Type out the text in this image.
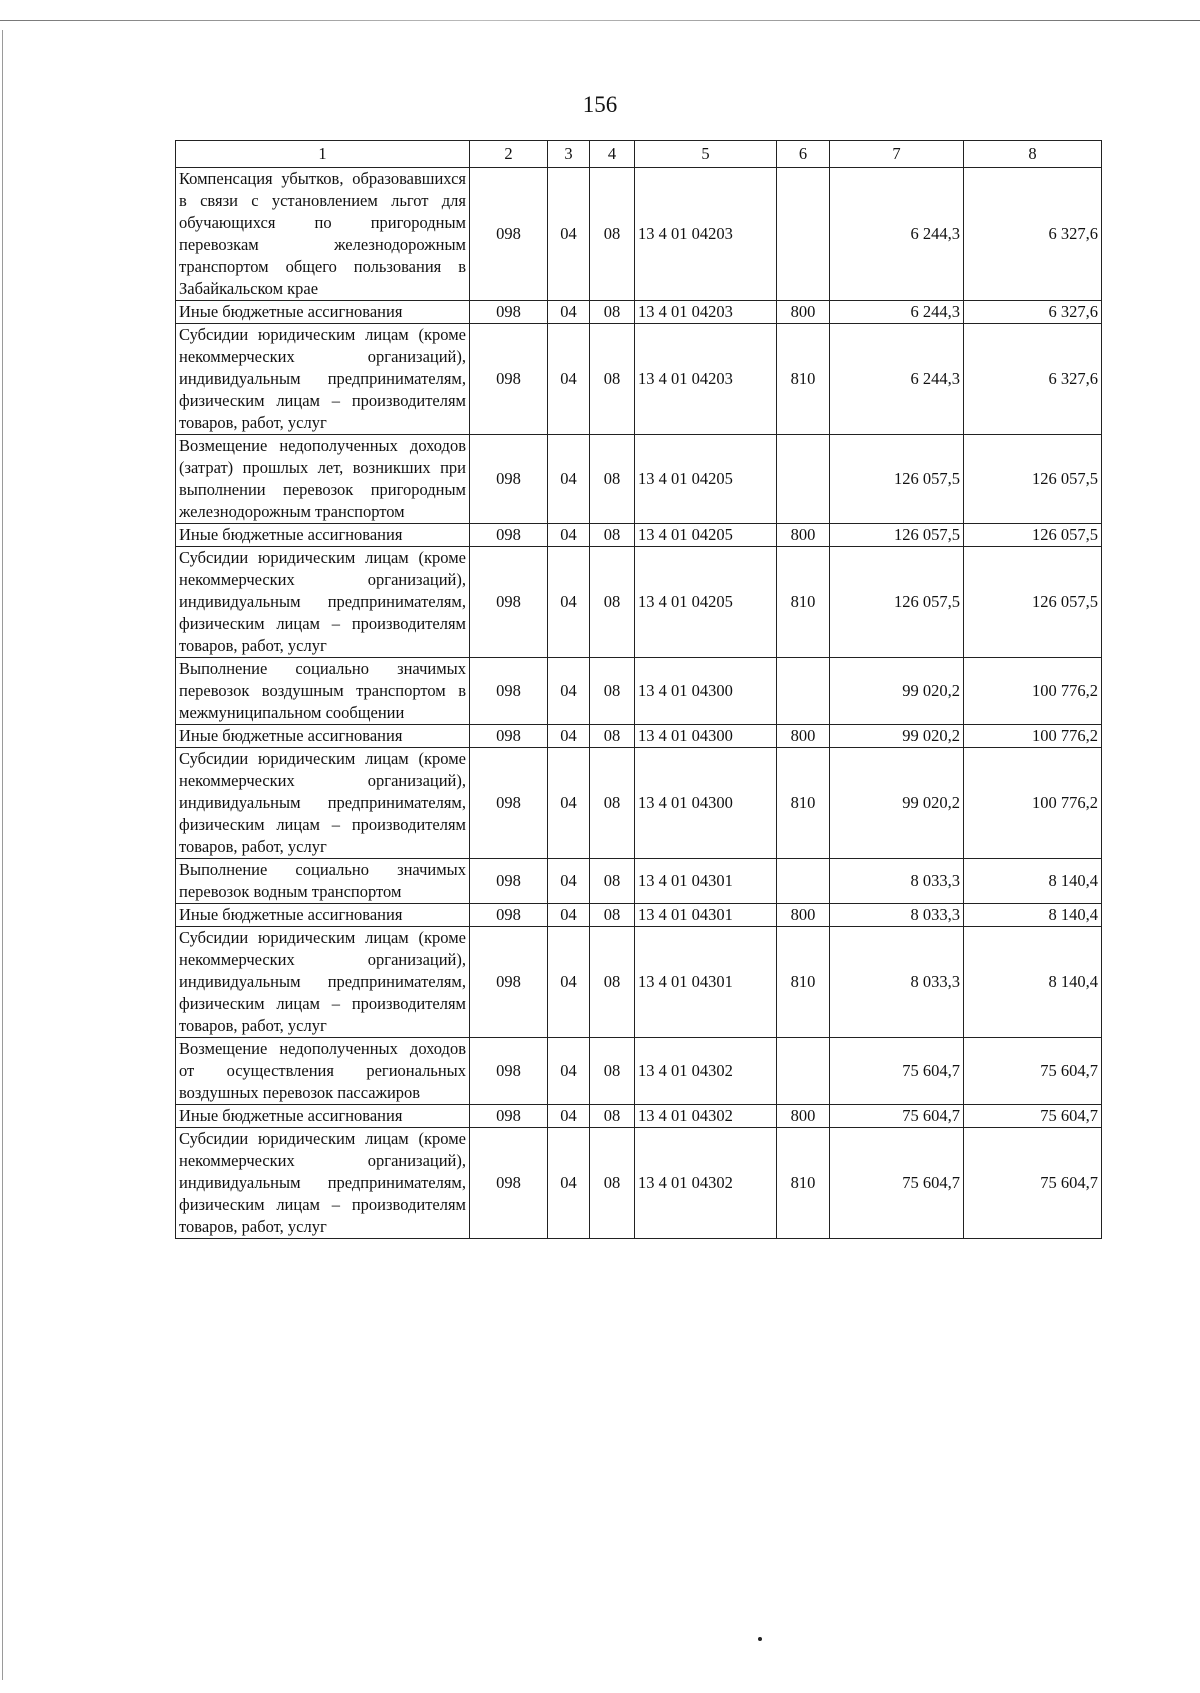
156
1	2	3	4	5	6	7	8
Компенсация убытков, образовавшихся в связи с установлением льгот для обучающихся по пригородным перевозкам железнодорожным транспортом общего пользования в Забайкальском крае	098	04	08	13 4 01 04203		6 244,3	6 327,6
Иные бюджетные ассигнования	098	04	08	13 4 01 04203	800	6 244,3	6 327,6
Субсидии юридическим лицам (кроме некоммерческих организаций), индивидуальным предпринимателям, физическим лицам – производителям товаров, работ, услуг	098	04	08	13 4 01 04203	810	6 244,3	6 327,6
Возмещение недополученных доходов (затрат) прошлых лет, возникших при выполнении перевозок пригородным железнодорожным транспортом	098	04	08	13 4 01 04205		126 057,5	126 057,5
Иные бюджетные ассигнования	098	04	08	13 4 01 04205	800	126 057,5	126 057,5
Субсидии юридическим лицам (кроме некоммерческих организаций), индивидуальным предпринимателям, физическим лицам – производителям товаров, работ, услуг	098	04	08	13 4 01 04205	810	126 057,5	126 057,5
Выполнение социально значимых перевозок воздушным транспортом в межмуниципальном сообщении	098	04	08	13 4 01 04300		99 020,2	100 776,2
Иные бюджетные ассигнования	098	04	08	13 4 01 04300	800	99 020,2	100 776,2
Субсидии юридическим лицам (кроме некоммерческих организаций), индивидуальным предпринимателям, физическим лицам – производителям товаров, работ, услуг	098	04	08	13 4 01 04300	810	99 020,2	100 776,2
Выполнение социально значимых перевозок водным транспортом	098	04	08	13 4 01 04301		8 033,3	8 140,4
Иные бюджетные ассигнования	098	04	08	13 4 01 04301	800	8 033,3	8 140,4
Субсидии юридическим лицам (кроме некоммерческих организаций), индивидуальным предпринимателям, физическим лицам – производителям товаров, работ, услуг	098	04	08	13 4 01 04301	810	8 033,3	8 140,4
Возмещение недополученных доходов от осуществления региональных воздушных перевозок пассажиров	098	04	08	13 4 01 04302		75 604,7	75 604,7
Иные бюджетные ассигнования	098	04	08	13 4 01 04302	800	75 604,7	75 604,7
Субсидии юридическим лицам (кроме некоммерческих организаций), индивидуальным предпринимателям, физическим лицам – производителям товаров, работ, услуг	098	04	08	13 4 01 04302	810	75 604,7	75 604,7
